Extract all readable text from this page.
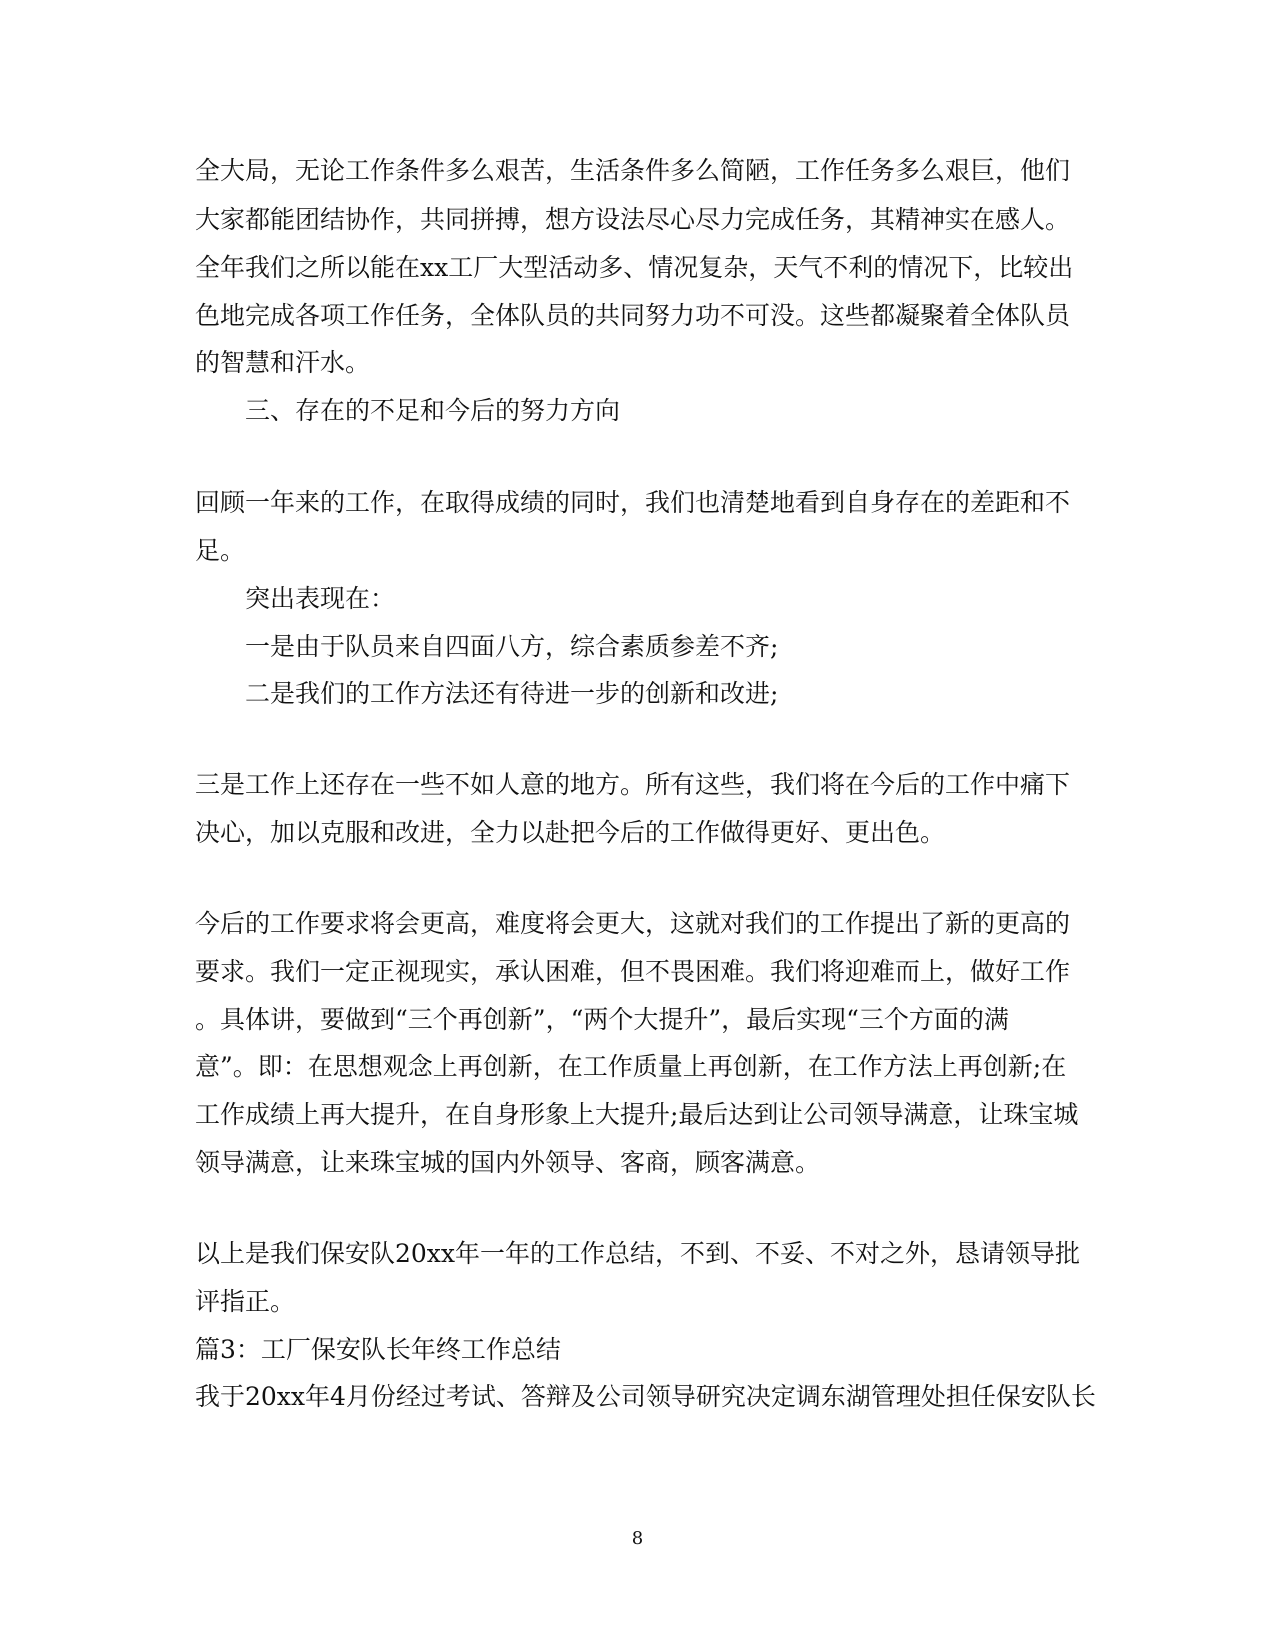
全大局，无论工作条件多么艰苦，生活条件多么简陋，工作任务多么艰巨，他们
大家都能团结协作，共同拼搏，想方设法尽心尽力完成任务，其精神实在感人。
全年我们之所以能在xx工厂大型活动多、情况复杂，天气不利的情况下，比较出
色地完成各项工作任务，全体队员的共同努力功不可没。这些都凝聚着全体队员
的智慧和汗水。
三、存在的不足和今后的努力方向
回顾一年来的工作，在取得成绩的同时，我们也清楚地看到自身存在的差距和不
足。
突出表现在：
一是由于队员来自四面八方，综合素质参差不齐;
二是我们的工作方法还有待进一步的创新和改进;
三是工作上还存在一些不如人意的地方。所有这些，我们将在今后的工作中痛下
决心，加以克服和改进，全力以赴把今后的工作做得更好、更出色。
今后的工作要求将会更高，难度将会更大，这就对我们的工作提出了新的更高的
要求。我们一定正视现实，承认困难，但不畏困难。我们将迎难而上，做好工作
。具体讲，要做到“三个再创新”，“两个大提升”，最后实现“三个方面的满
意”。即：在思想观念上再创新，在工作质量上再创新，在工作方法上再创新;在
工作成绩上再大提升，在自身形象上大提升;最后达到让公司领导满意，让珠宝城
领导满意，让来珠宝城的国内外领导、客商，顾客满意。
以上是我们保安队20xx年一年的工作总结，不到、不妥、不对之外，恳请领导批
评指正。
篇3：工厂保安队长年终工作总结
我于20xx年4月份经过考试、答辩及公司领导研究决定调东湖管理处担任保安队长
8
